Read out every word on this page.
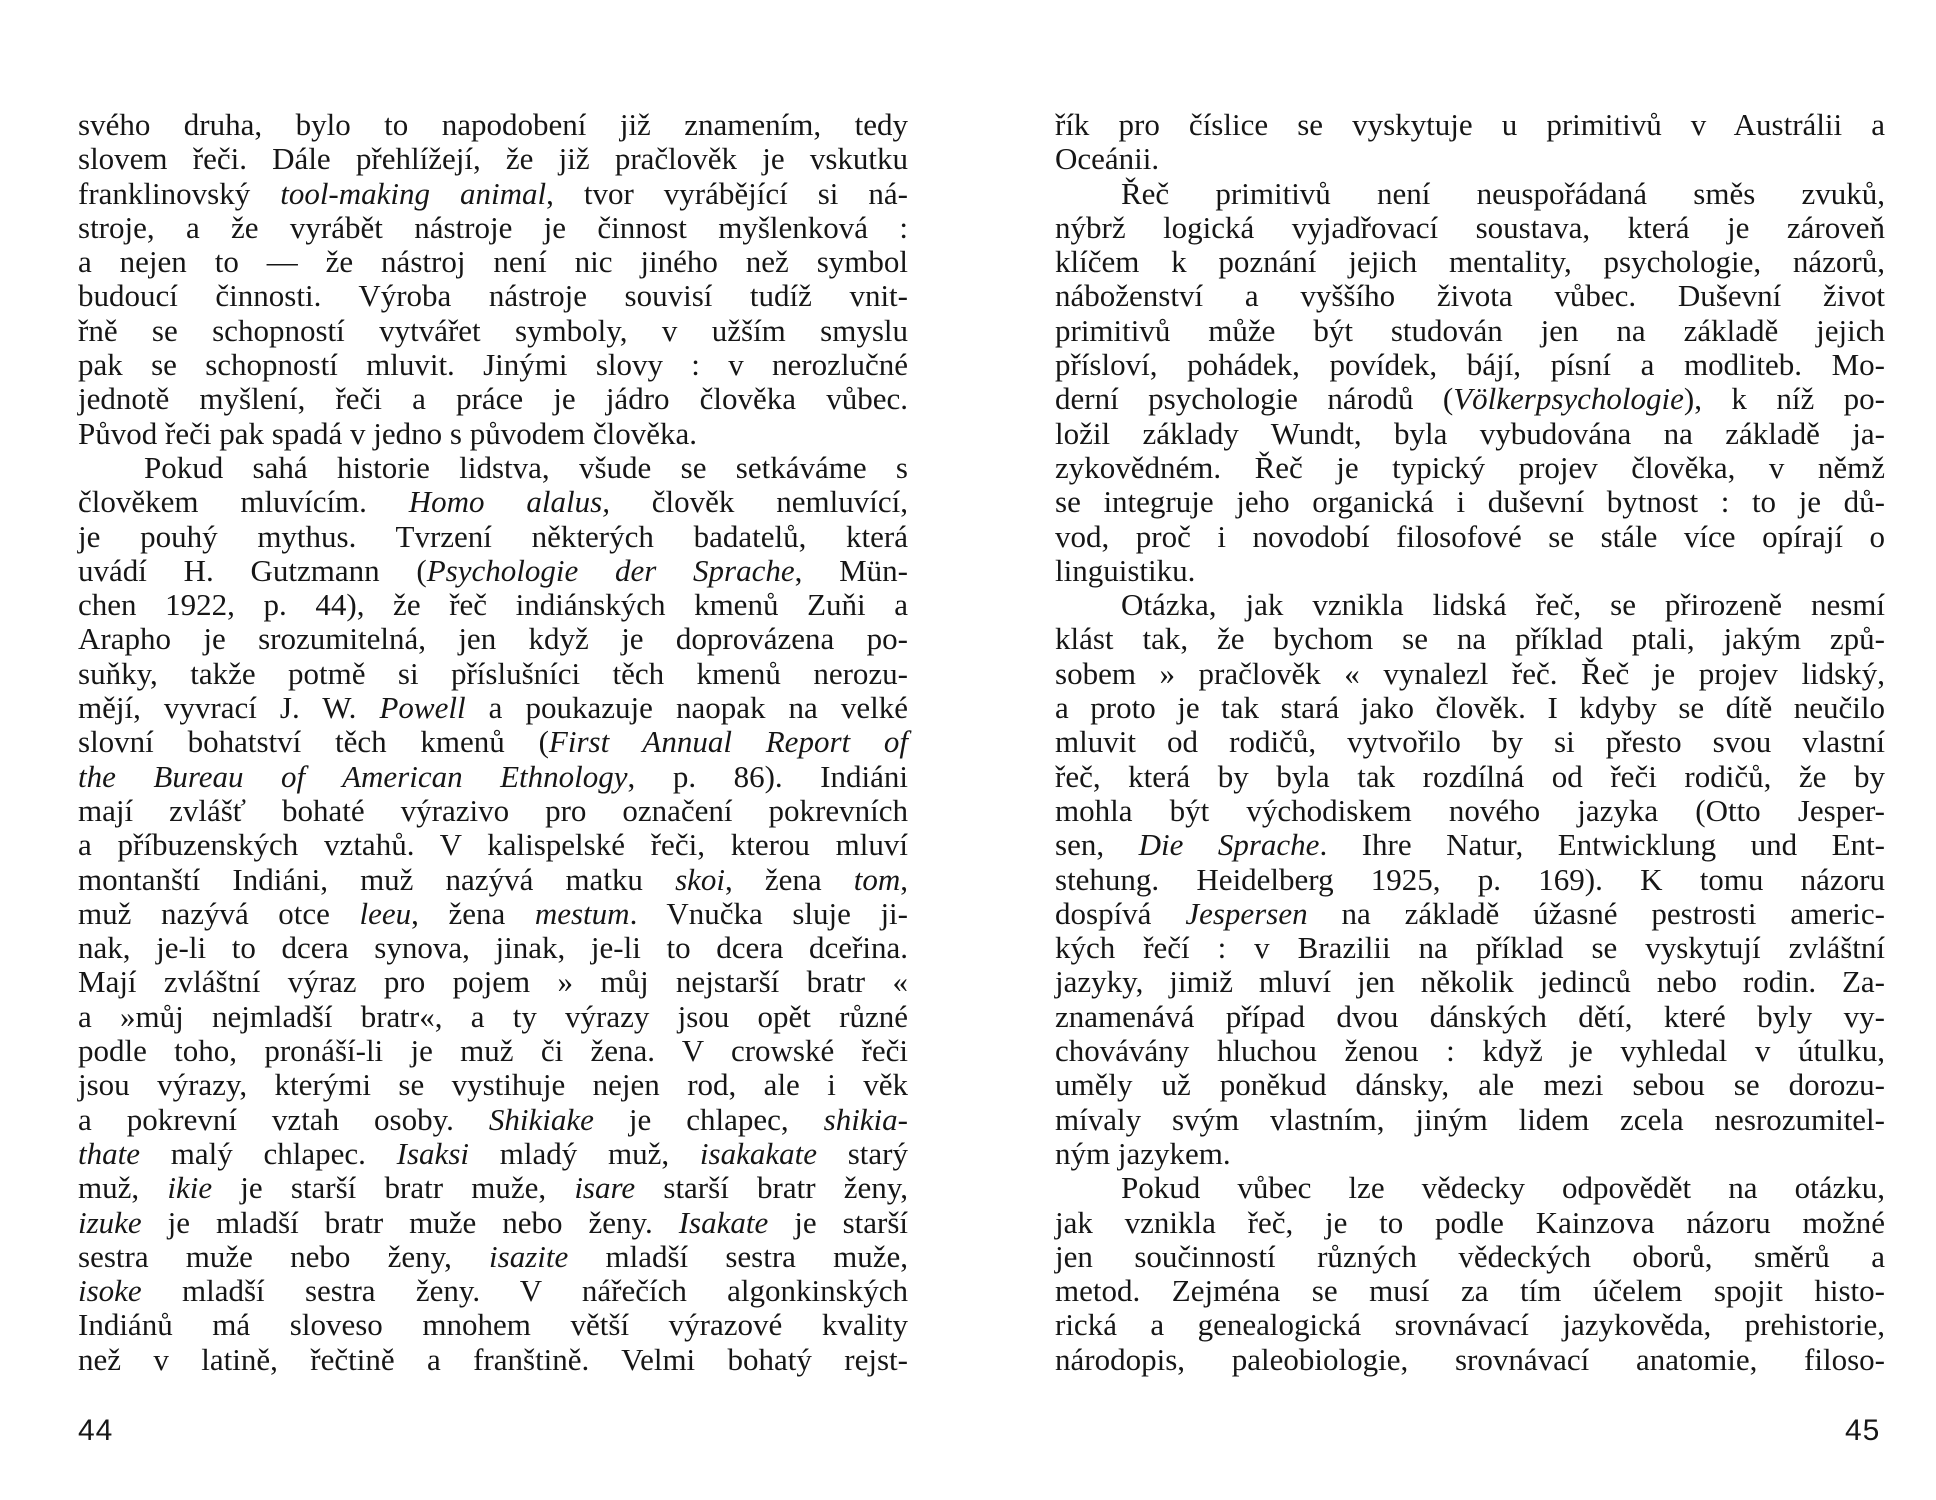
svého druha, bylo to napodobení již znamením, tedy
slovem řeči. Dále přehlížejí, že již pračlověk je vskutku
franklinovský tool-making animal, tvor vyrábějící si ná-
stroje, a že vyrábět nástroje je činnost myšlenková :
a nejen to — že nástroj není nic jiného než symbol
budoucí činnosti. Výroba nástroje souvisí tudíž vnit-
řně se schopností vytvářet symboly, v užším smyslu
pak se schopností mluvit. Jinými slovy : v nerozlučné
jednotě myšlení, řeči a práce je jádro člověka vůbec.
Původ řeči pak spadá v jedno s původem člověka.
Pokud sahá historie lidstva, všude se setkáváme s
člověkem mluvícím. Homo alalus, člověk nemluvící,
je pouhý mythus. Tvrzení některých badatelů, která
uvádí H. Gutzmann (Psychologie der Sprache, Mün-
chen 1922, p. 44), že řeč indiánských kmenů Zuňi a
Arapho je srozumitelná, jen když je doprovázena po-
suňky, takže potmě si příslušníci těch kmenů nerozu-
mějí, vyvrací J. W. Powell a poukazuje naopak na velké
slovní bohatství těch kmenů (First Annual Report of
the Bureau of American Ethnology, p. 86). Indiáni
mají zvlášť bohaté výrazivo pro označení pokrevních
a příbuzenských vztahů. V kalispelské řeči, kterou mluví
montanští Indiáni, muž nazývá matku skoi, žena tom,
muž nazývá otce leeu, žena mestum. Vnučka sluje ji-
nak, je-li to dcera synova, jinak, je-li to dcera dceřina.
Mají zvláštní výraz pro pojem » můj nejstarší bratr «
a »můj nejmladší bratr«, a ty výrazy jsou opět různé
podle toho, pronáší-li je muž či žena. V crowské řeči
jsou výrazy, kterými se vystihuje nejen rod, ale i věk
a pokrevní vztah osoby. Shikiake je chlapec, shikia-
thate malý chlapec. Isaksi mladý muž, isakakate starý
muž, ikie je starší bratr muže, isare starší bratr ženy,
izuke je mladší bratr muže nebo ženy. Isakate je starší
sestra muže nebo ženy, isazite mladší sestra muže,
isoke mladší sestra ženy. V nářečích algonkinských
Indiánů má sloveso mnohem větší výrazové kvality
než v latině, řečtině a franštině. Velmi bohatý rejst-
44
řík pro číslice se vyskytuje u primitivů v Austrálii a
Oceánii.
Řeč primitivů není neuspořádaná směs zvuků,
nýbrž logická vyjadřovací soustava, která je zároveň
klíčem k poznání jejich mentality, psychologie, názorů,
náboženství a vyššího života vůbec. Duševní život
primitivů může být studován jen na základě jejich
přísloví, pohádek, povídek, bájí, písní a modliteb. Mo-
derní psychologie národů (Völkerpsychologie), k níž po-
ložil základy Wundt, byla vybudována na základě ja-
zykovědném. Řeč je typický projev člověka, v němž
se integruje jeho organická i duševní bytnost : to je dů-
vod, proč i novodobí filosofové se stále více opírají o
linguistiku.
Otázka, jak vznikla lidská řeč, se přirozeně nesmí
klást tak, že bychom se na příklad ptali, jakým způ-
sobem » pračlověk « vynalezl řeč. Řeč je projev lidský,
a proto je tak stará jako člověk. I kdyby se dítě neučilo
mluvit od rodičů, vytvořilo by si přesto svou vlastní
řeč, která by byla tak rozdílná od řeči rodičů, že by
mohla být východiskem nového jazyka (Otto Jesper-
sen, Die Sprache. Ihre Natur, Entwicklung und Ent-
stehung. Heidelberg 1925, p. 169). K tomu názoru
dospívá Jespersen na základě úžasné pestrosti americ-
kých řečí : v Brazilii na příklad se vyskytují zvláštní
jazyky, jimiž mluví jen několik jedinců nebo rodin. Za-
znamenává případ dvou dánských dětí, které byly vy-
chovávány hluchou ženou : když je vyhledal v útulku,
uměly už poněkud dánsky, ale mezi sebou se dorozu-
mívaly svým vlastním, jiným lidem zcela nesrozumitel-
ným jazykem.
Pokud vůbec lze vědecky odpovědět na otázku,
jak vznikla řeč, je to podle Kainzova názoru možné
jen součinností různých vědeckých oborů, směrů a
metod. Zejména se musí za tím účelem spojit histo-
rická a genealogická srovnávací jazykověda, prehistorie,
národopis, paleobiologie, srovnávací anatomie, filoso-
45
